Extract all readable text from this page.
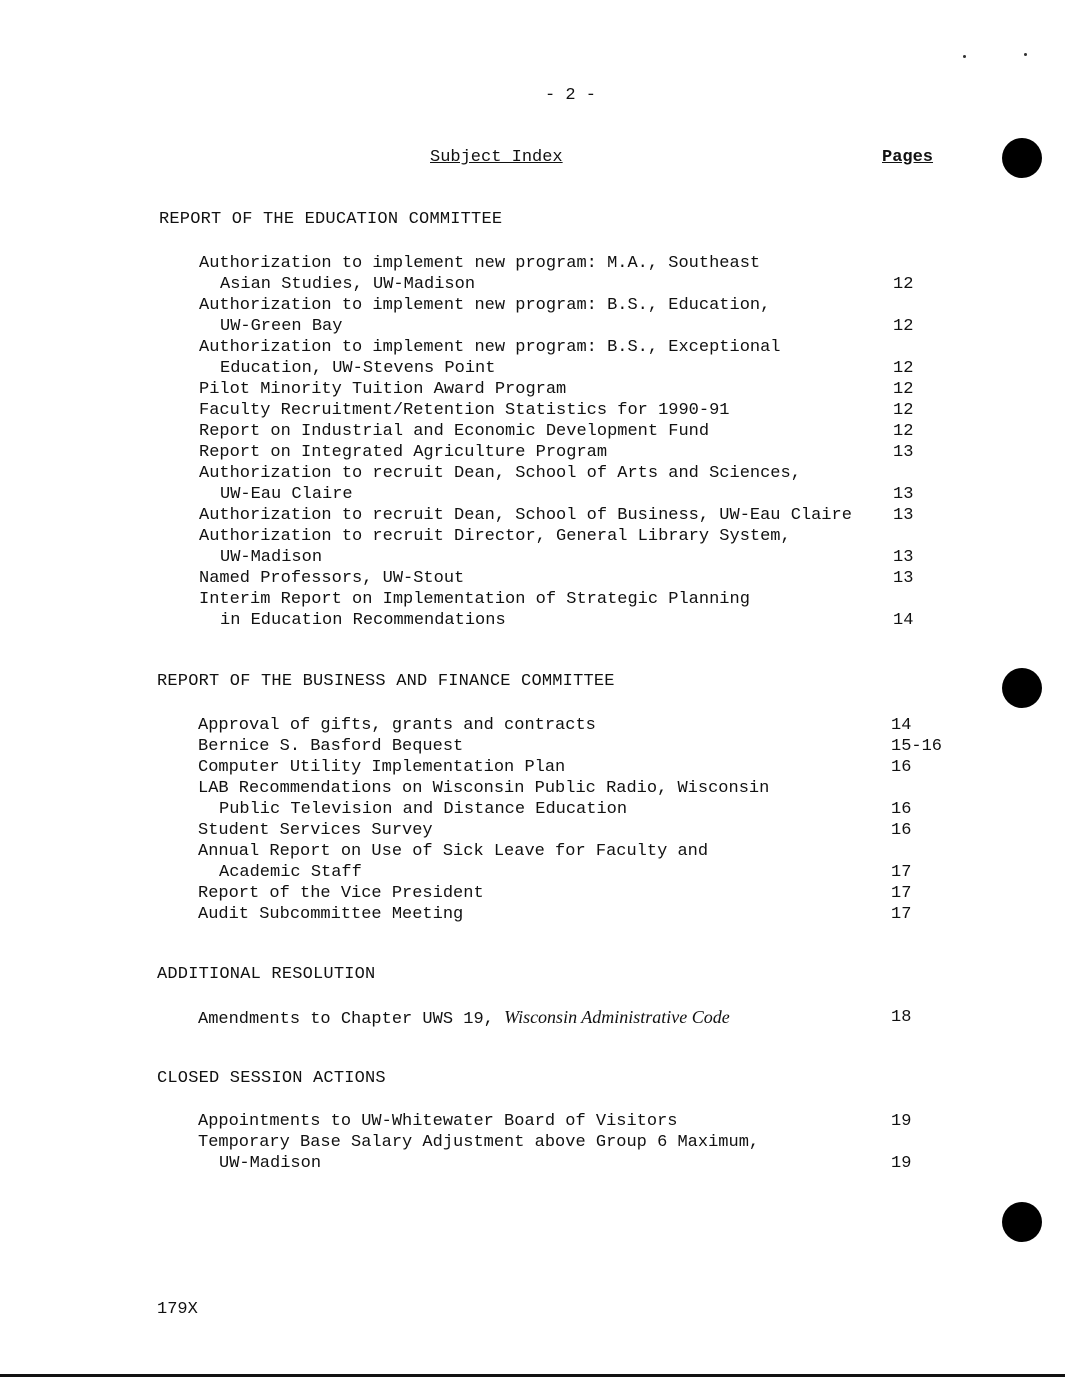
- 2 -
Subject Index	Pages
REPORT OF THE EDUCATION COMMITTEE
Authorization to implement new program: M.A., Southeast
Asian Studies, UW-Madison	12
Authorization to implement new program: B.S., Education,
UW-Green Bay	12
Authorization to implement new program: B.S., Exceptional
Education, UW-Stevens Point	12
Pilot Minority Tuition Award Program	12
Faculty Recruitment/Retention Statistics for 1990-91	12
Report on Industrial and Economic Development Fund	12
Report on Integrated Agriculture Program	13
Authorization to recruit Dean, School of Arts and Sciences,
UW-Eau Claire	13
Authorization to recruit Dean, School of Business, UW-Eau Claire	13
Authorization to recruit Director, General Library System,
UW-Madison	13
Named Professors, UW-Stout	13
Interim Report on Implementation of Strategic Planning
in Education Recommendations	14
REPORT OF THE BUSINESS AND FINANCE COMMITTEE
Approval of gifts, grants and contracts	14
Bernice S. Basford Bequest	15-16
Computer Utility Implementation Plan	16
LAB Recommendations on Wisconsin Public Radio, Wisconsin
Public Television and Distance Education	16
Student Services Survey	16
Annual Report on Use of Sick Leave for Faculty and
Academic Staff	17
Report of the Vice President	17
Audit Subcommittee Meeting	17
ADDITIONAL RESOLUTION
Amendments to Chapter UWS 19, Wisconsin Administrative Code	18
CLOSED SESSION ACTIONS
Appointments to UW-Whitewater Board of Visitors	19
Temporary Base Salary Adjustment above Group 6 Maximum,
UW-Madison	19
179X
